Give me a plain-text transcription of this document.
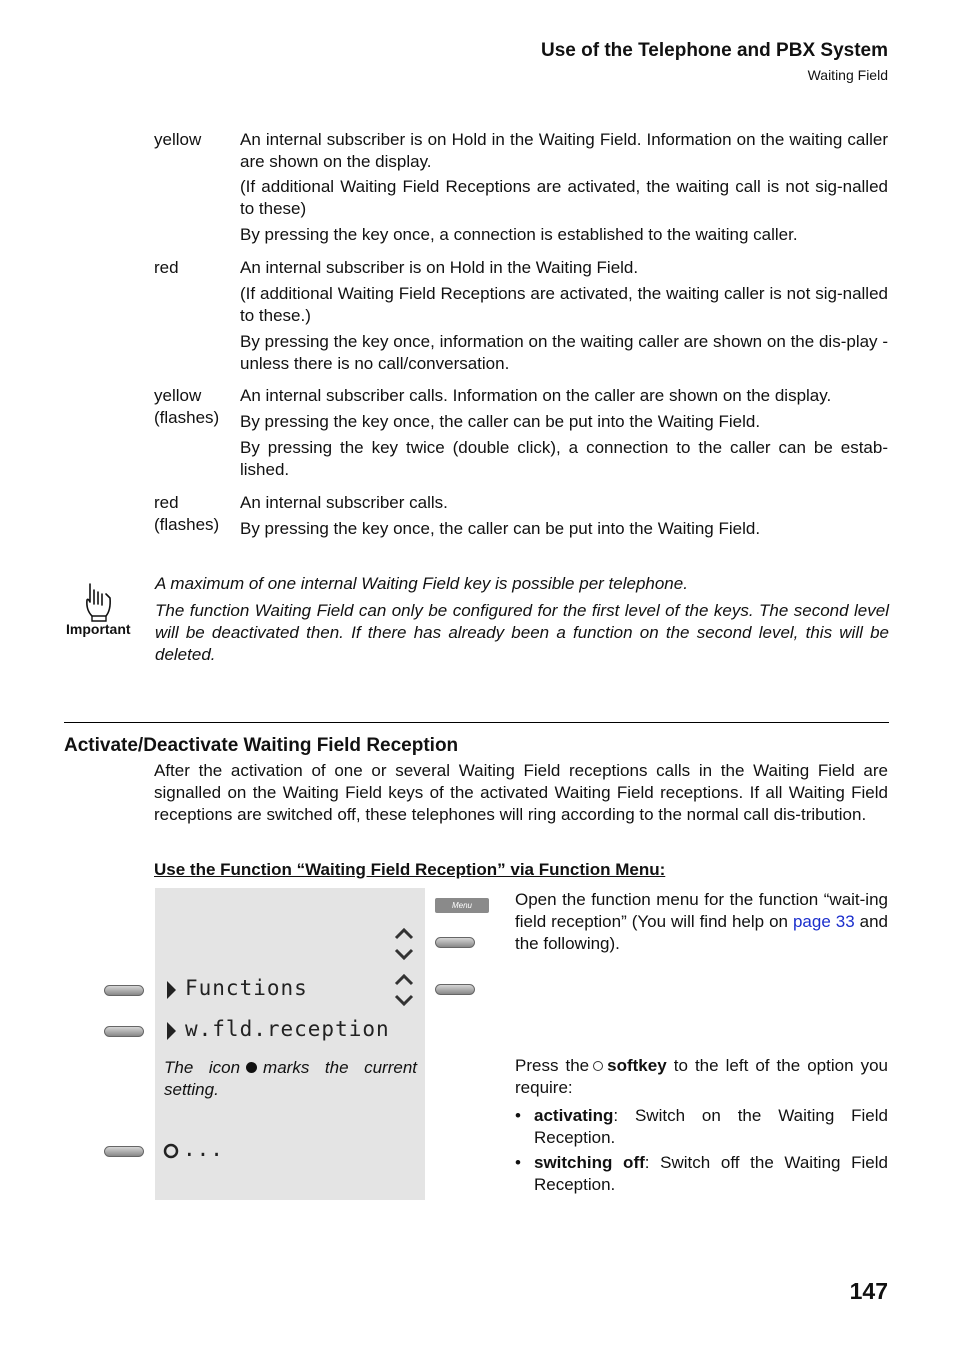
Use of the Telephone and PBX System
Waiting Field
yellow An internal subscriber is on Hold in the Waiting Field. Information on the waiting caller are shown on the display.
(If additional Waiting Field Receptions are activated, the waiting call is not sig-nalled to these)
By pressing the key once, a connection is established to the waiting caller.
red	An internal subscriber is on Hold in the Waiting Field.
(If additional Waiting Field Receptions are activated, the waiting caller is not sig-nalled to these.)
By pressing the key once, information on the waiting caller are shown on the dis-play - unless there is no call/conversation.
yellow
(flashes)
An internal subscriber calls. Information on the caller are shown on the display.
By pressing the key once, the caller can be put into the Waiting Field.
By pressing the key twice (double click), a connection to the caller can be estab-lished.
red
(flashes)
An internal subscriber calls.
By pressing the key once, the caller can be put into the Waiting Field.
Important
A maximum of one internal Waiting Field key is possible per telephone.
The function Waiting Field can only be configured for the first level of the keys. The second level will be deactivated then. If there has already been a function on the second level, this will be deleted.
Activate/Deactivate Waiting Field Reception
After the activation of one or several Waiting Field receptions calls in the Waiting Field are signalled on the Waiting Field keys of the activated Waiting Field receptions. If all Waiting Field receptions are switched off, these telephones will ring according to the normal call dis-tribution.
Use the Function “Waiting Field Reception” via Function Menu:
Menu
Functions
w.fld.reception
The icon marks the current setting.
...
Open the function menu for the function “wait-ing field reception” (You will find help on page 33 and the following).
Press the softkey to the left of the option you require:
• activating: Switch on the Waiting Field Reception.
• switching off: Switch off the Waiting Field Reception.
147
